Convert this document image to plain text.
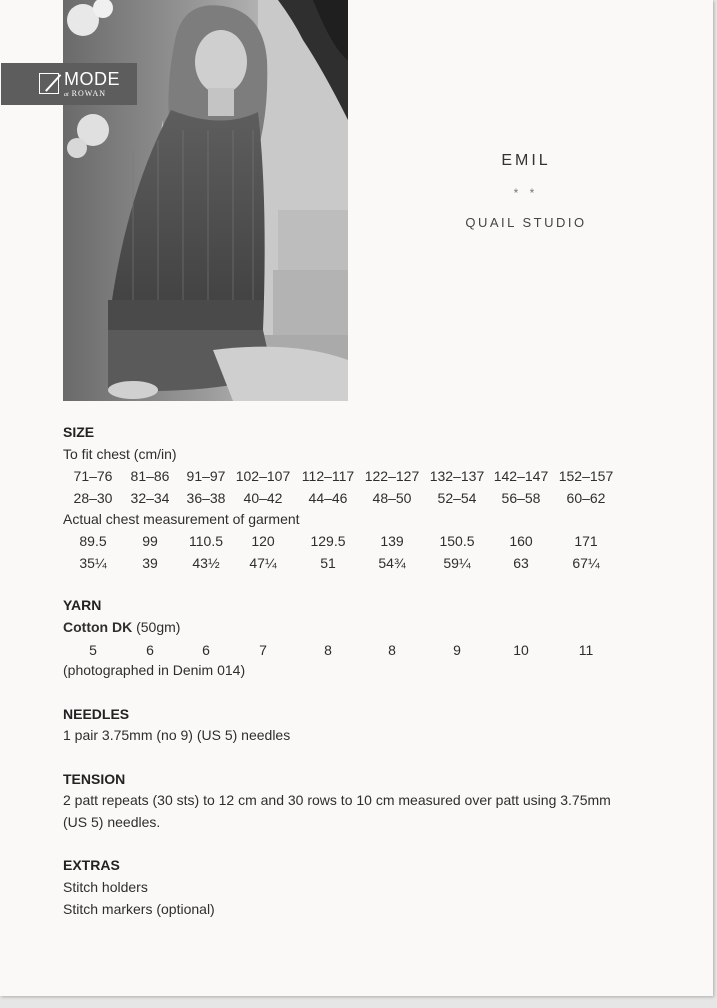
MODE
at ROWAN
EMIL
* *
QUAIL STUDIO
SIZE
To fit chest (cm/in)
71–76	81–86	91–97 102–107 112–117 122–127 132–137 142–147 152–157
28–30	32–34	36–38	40–42	44–46	48–50	52–54	56–58	60–62
Actual chest measurement of garment
89.5	99	110.5	120	129.5	139	150.5	160	171
35¼	39	43½	47¼	51	54¾	59¼	63	67¼
YARN
Cotton DK (50gm)
5	6	6	7	8	8	9	10	11
(photographed in Denim 014)
NEEDLES
1 pair 3.75mm (no 9) (US 5) needles
TENSION
2 patt repeats (30 sts) to 12 cm and 30 rows to 10 cm measured over patt using 3.75mm
(US 5) needles.
EXTRAS
Stitch holders
Stitch markers (optional)
